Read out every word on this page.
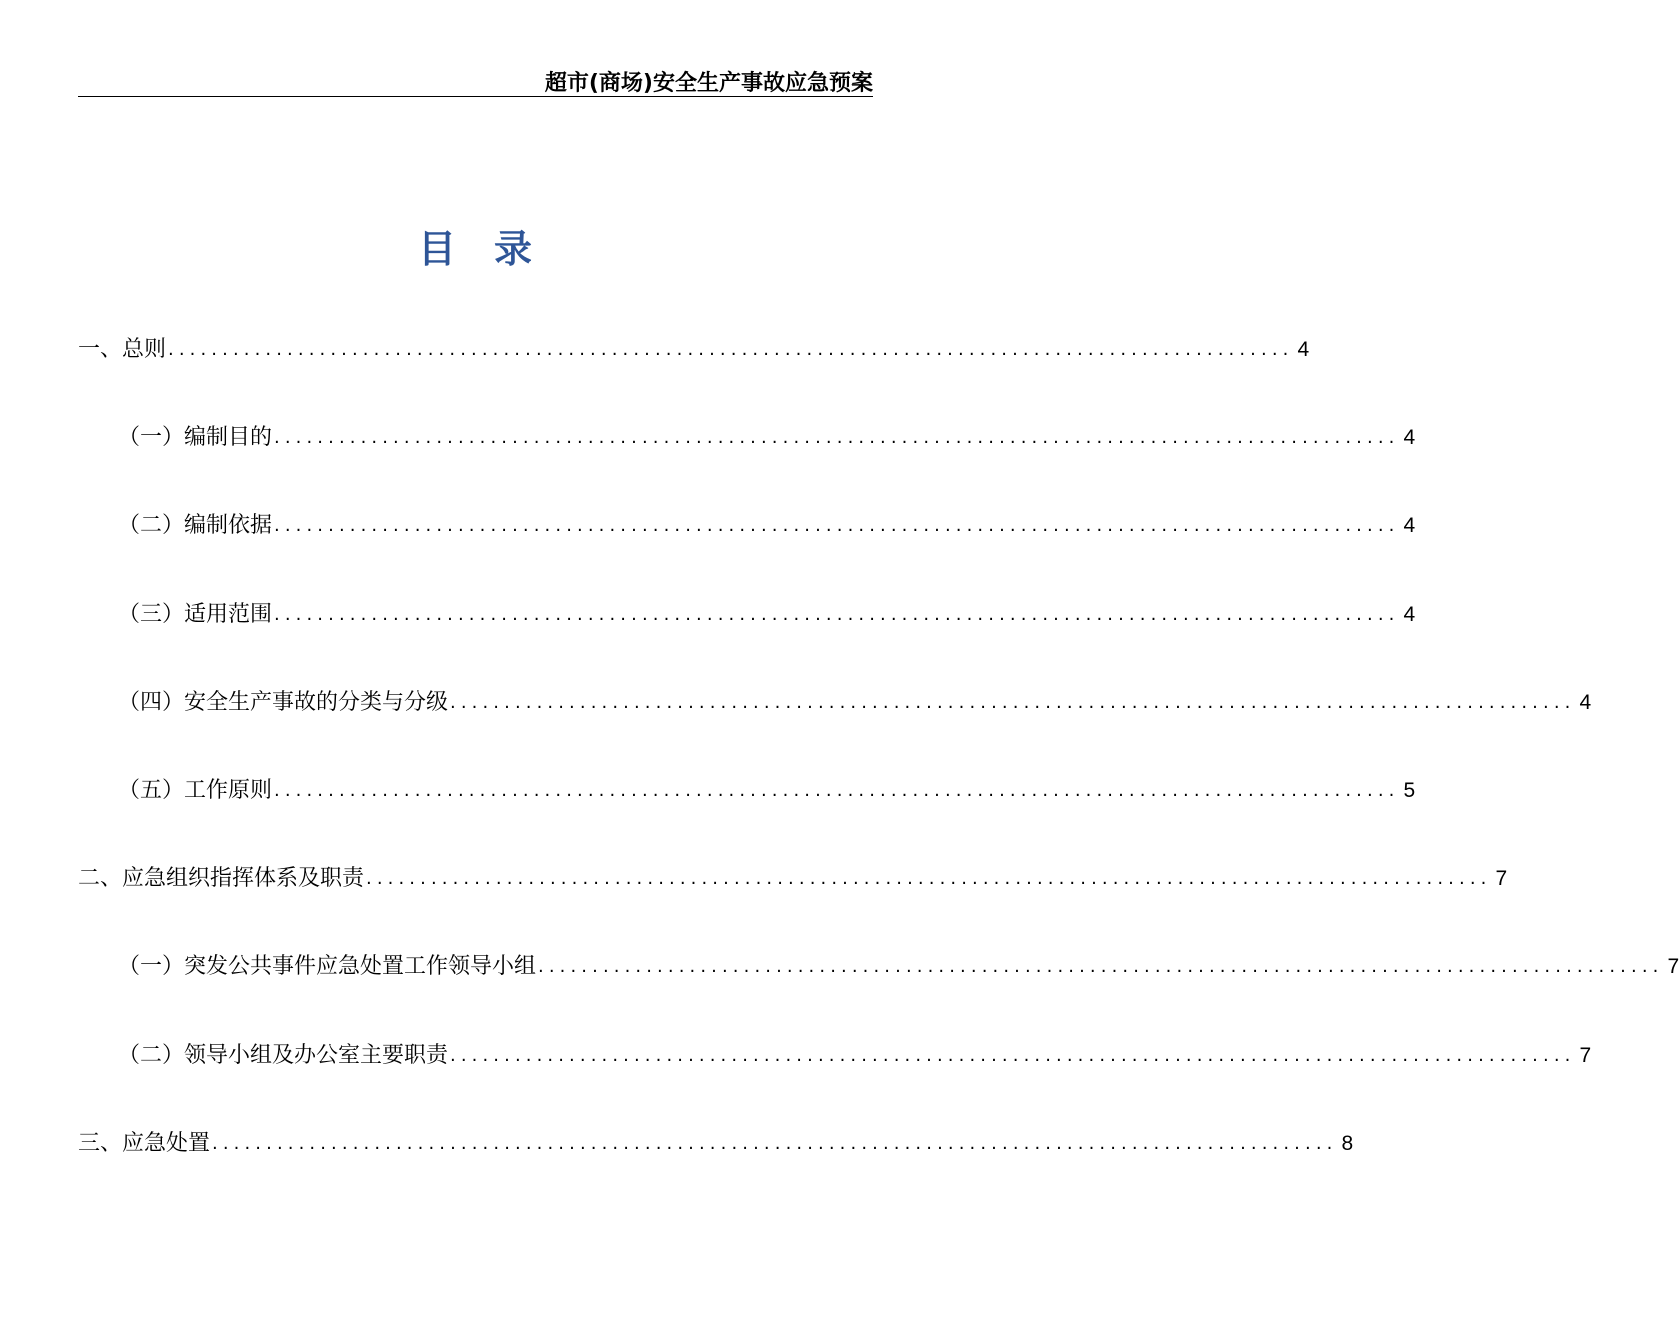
超市(商场)安全生产事故应急预案
目　录
一、总则 ........................................................................................................ 4
（一）编制目的 ........................................................................................................ 4
（二）编制依据 ........................................................................................................ 4
（三）适用范围 ........................................................................................................ 4
（四）安全生产事故的分类与分级 ........................................................................................................ 4
（五）工作原则 ........................................................................................................ 5
二、应急组织指挥体系及职责 ........................................................................................................ 7
（一）突发公共事件应急处置工作领导小组 ........................................................................................................ 7
（二）领导小组及办公室主要职责 ........................................................................................................ 7
三、应急处置 ........................................................................................................ 8
